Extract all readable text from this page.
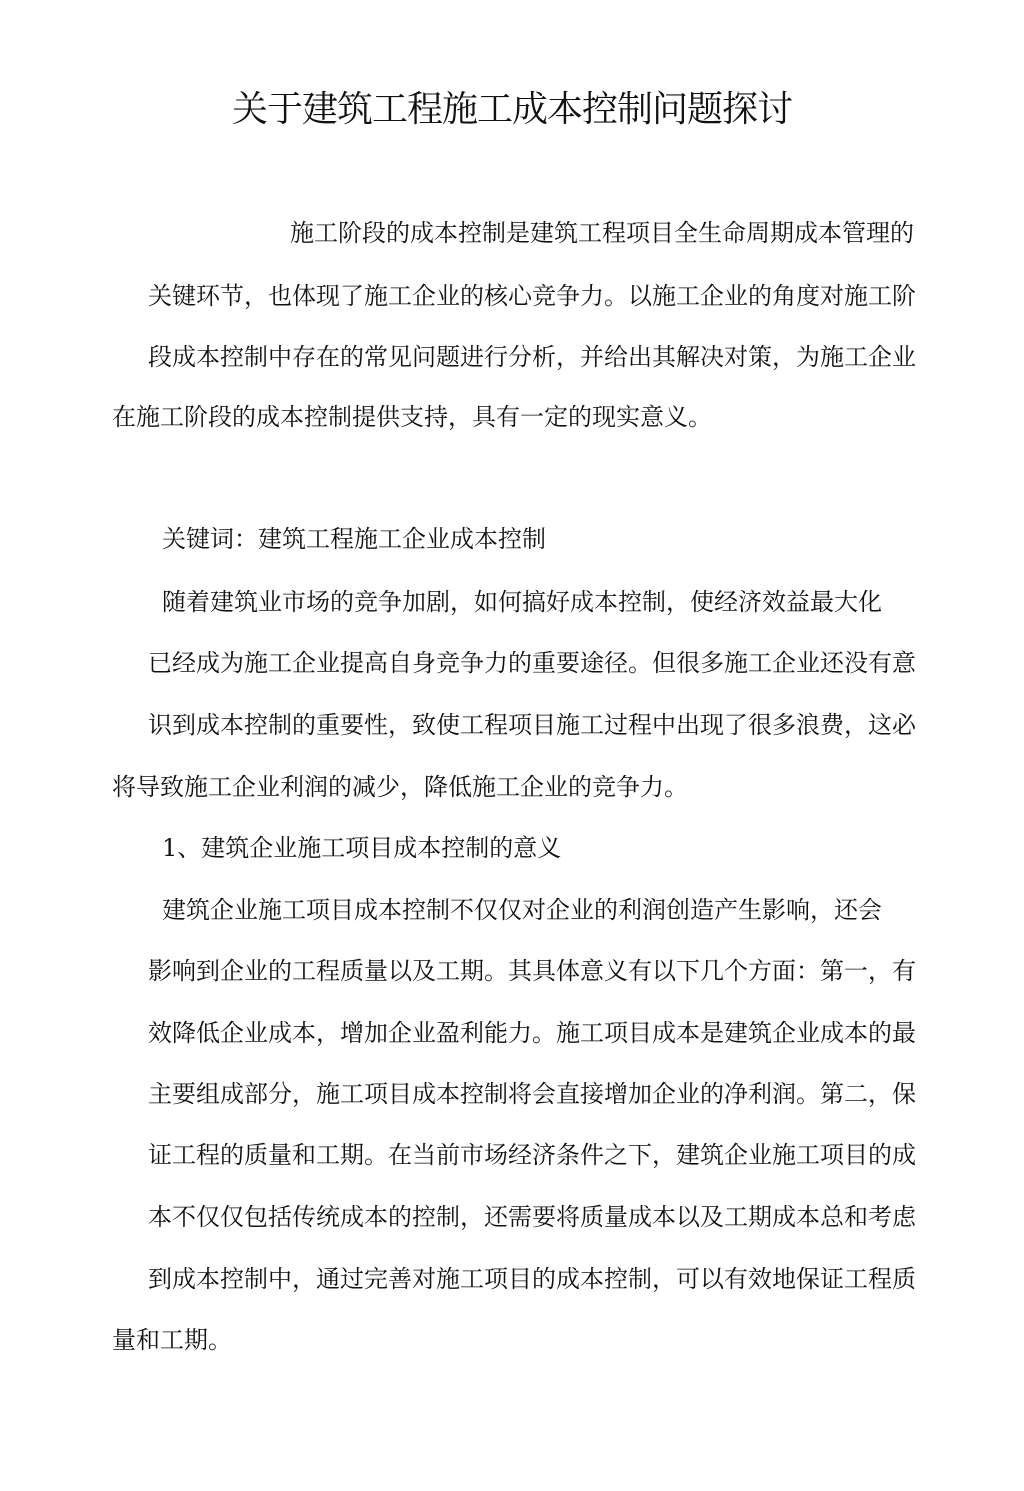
关于建筑工程施工成本控制问题探讨
施工阶段的成本控制是建筑工程项目全生命周期成本管理的
关键环节，也体现了施工企业的核心竞争力。以施工企业的角度对施工阶
段成本控制中存在的常见问题进行分析，并给出其解决对策，为施工企业
在施工阶段的成本控制提供支持，具有一定的现实意义。
关键词：建筑工程施工企业成本控制
随着建筑业市场的竞争加剧，如何搞好成本控制，使经济效益最大化
已经成为施工企业提高自身竞争力的重要途径。但很多施工企业还没有意
识到成本控制的重要性，致使工程项目施工过程中出现了很多浪费，这必
将导致施工企业利润的减少，降低施工企业的竞争力。
1、建筑企业施工项目成本控制的意义
建筑企业施工项目成本控制不仅仅对企业的利润创造产生影响，还会
影响到企业的工程质量以及工期。其具体意义有以下几个方面：第一，有
效降低企业成本，增加企业盈利能力。施工项目成本是建筑企业成本的最
主要组成部分，施工项目成本控制将会直接增加企业的净利润。第二，保
证工程的质量和工期。在当前市场经济条件之下，建筑企业施工项目的成
本不仅仅包括传统成本的控制，还需要将质量成本以及工期成本总和考虑
到成本控制中，通过完善对施工项目的成本控制，可以有效地保证工程质
量和工期。
